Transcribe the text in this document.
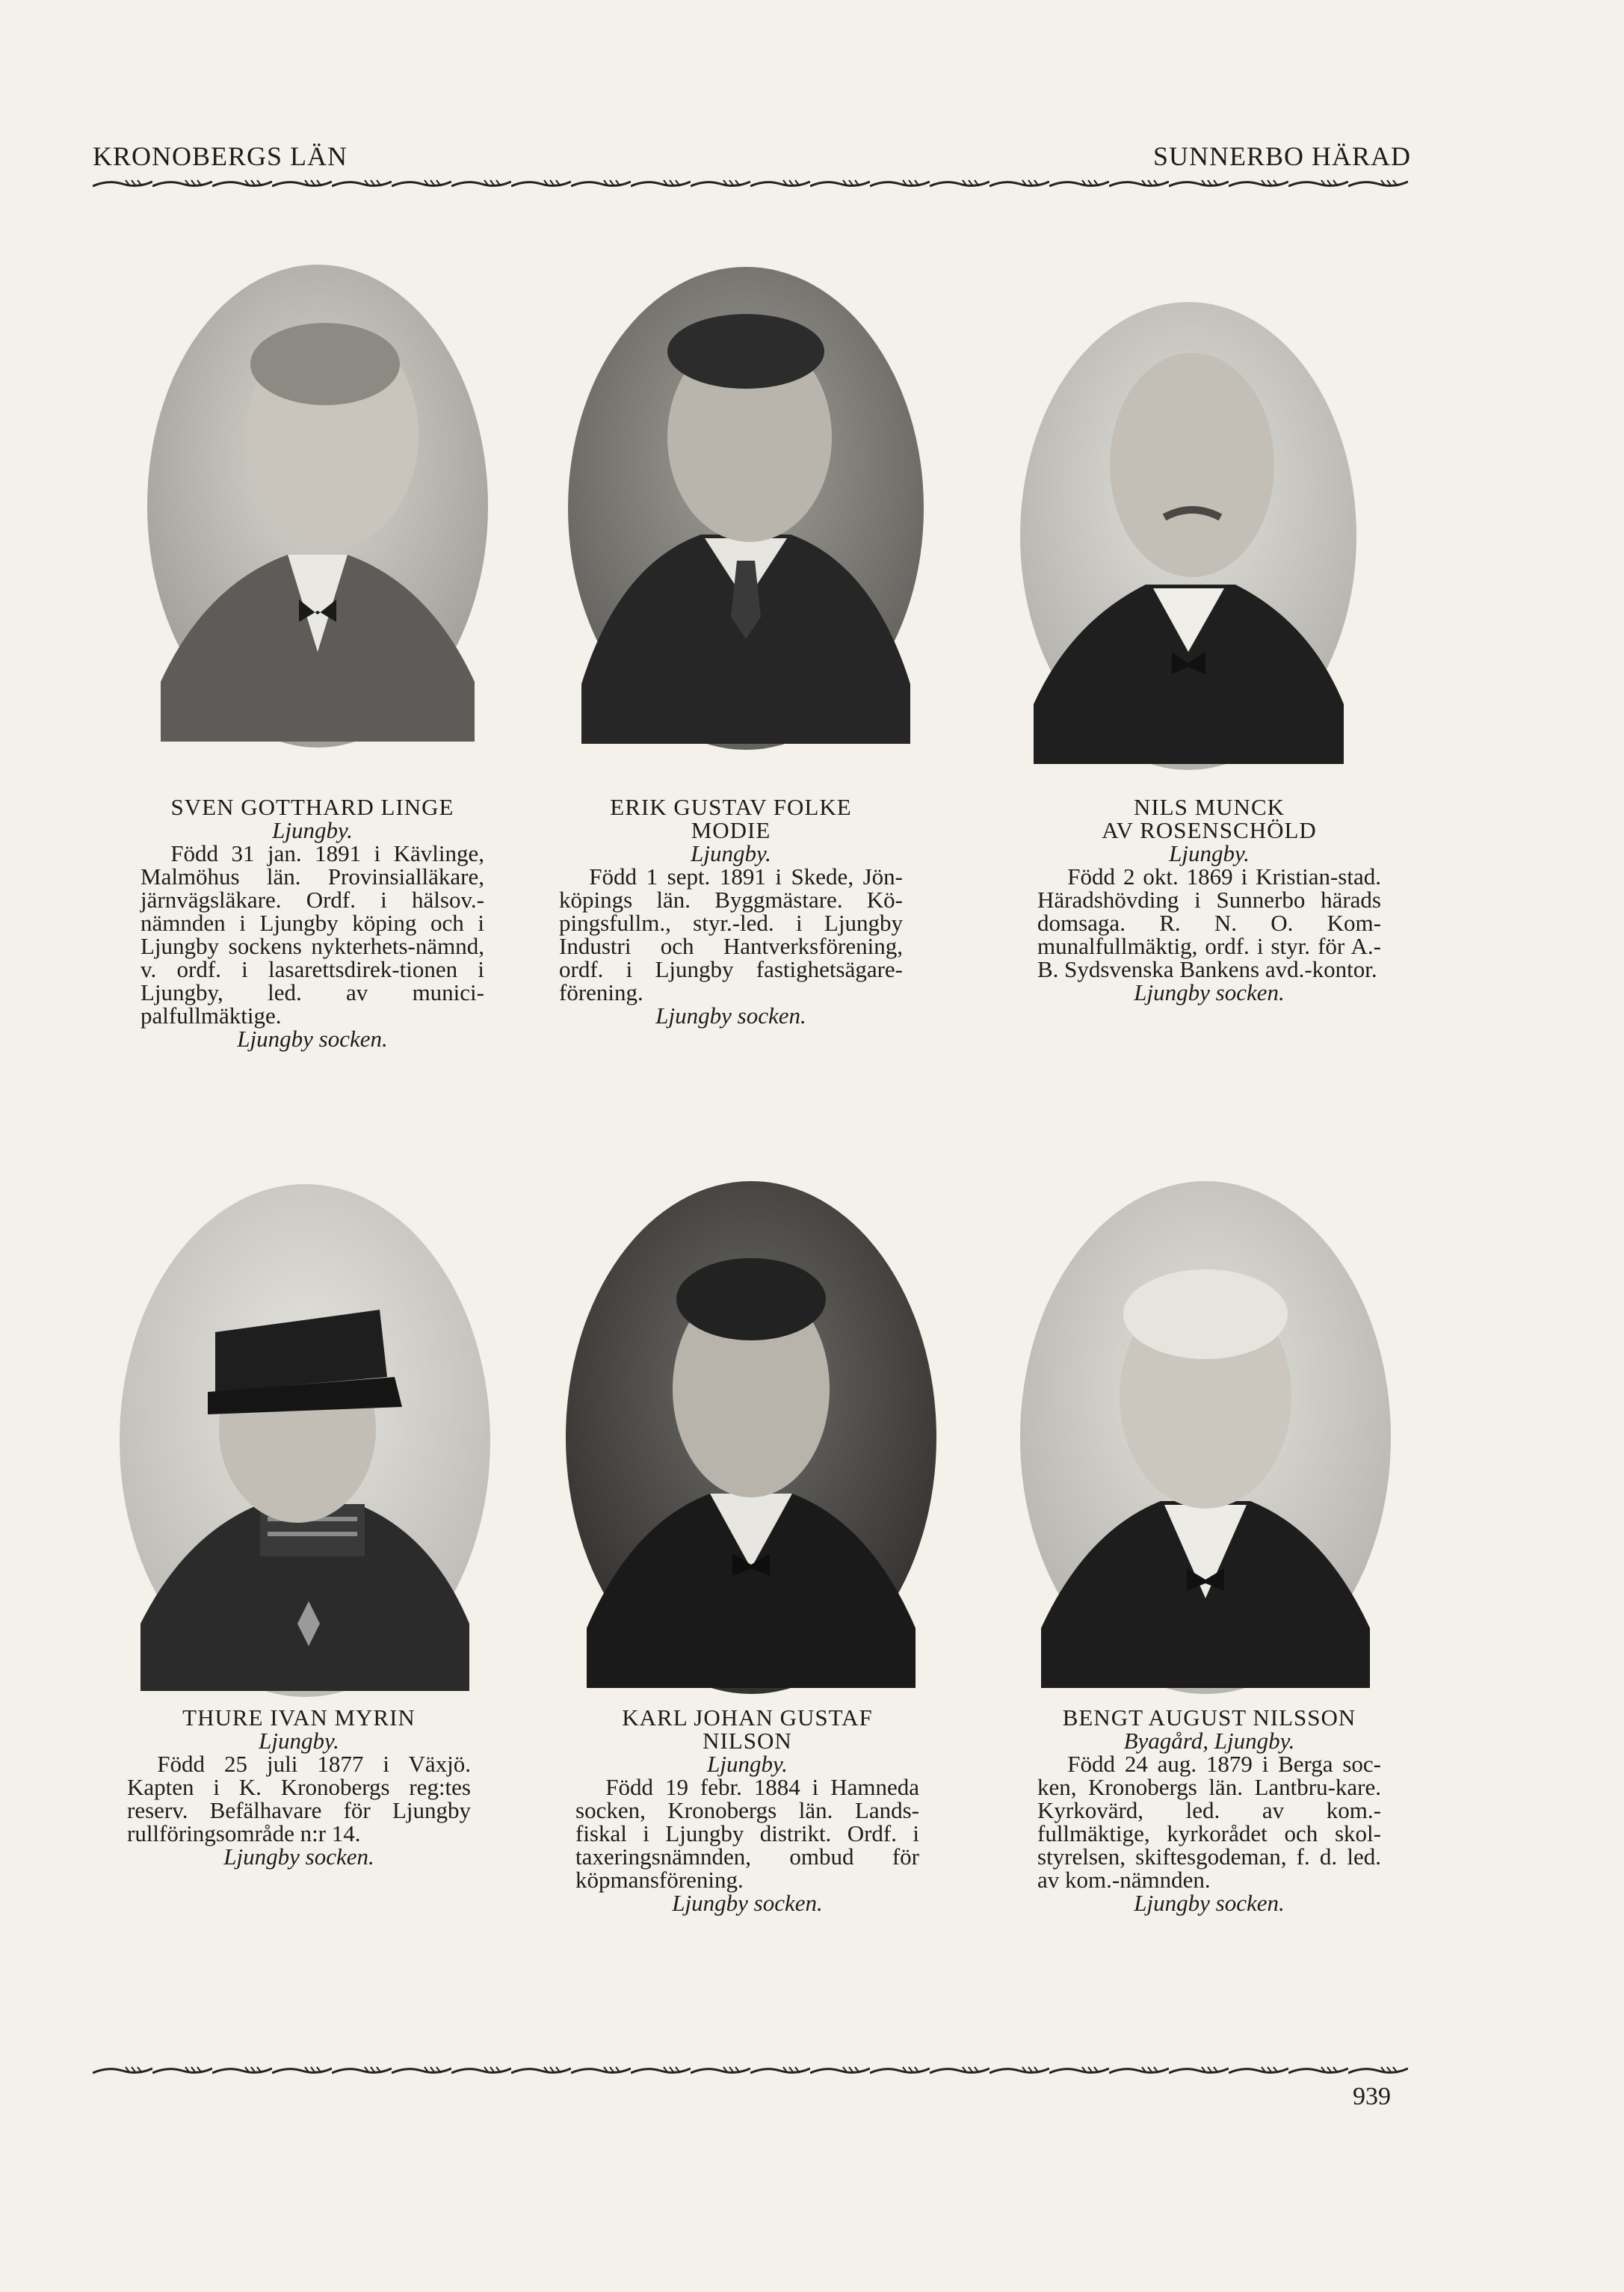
KRONOBERGS LÄN	SUNNERBO HÄRAD
SVEN GOTTHARD LINGE
Ljungby.
Född 31 jan. 1891 i Kävlinge, Malmöhus län. Provinsialläkare, järnvägsläkare. Ordf. i hälsov.-nämnden i Ljungby köping och i Ljungby sockens nykterhets-nämnd, v. ordf. i lasarettsdirek-tionen i Ljungby, led. av munici-palfullmäktige.
Ljungby socken.
ERIK GUSTAV FOLKE
MODIE
Ljungby.
Född 1 sept. 1891 i Skede, Jön-köpings län. Byggmästare. Kö-pingsfullm., styr.-led. i Ljungby Industri och Hantverksförening, ordf. i Ljungby fastighetsägare-förening.
Ljungby socken.
NILS MUNCK
AV ROSENSCHÖLD
Ljungby.
Född 2 okt. 1869 i Kristian-stad. Häradshövding i Sunnerbo härads domsaga. R. N. O. Kom-munalfullmäktig, ordf. i styr. för A.-B. Sydsvenska Bankens avd.-kontor.
Ljungby socken.
THURE IVAN MYRIN
Ljungby.
Född 25 juli 1877 i Växjö. Kapten i K. Kronobergs reg:tes reserv. Befälhavare för Ljungby rullföringsområde n:r 14.
Ljungby socken.
KARL JOHAN GUSTAF
NILSON
Ljungby.
Född 19 febr. 1884 i Hamneda socken, Kronobergs län. Lands-fiskal i Ljungby distrikt. Ordf. i taxeringsnämnden, ombud för köpmansförening.
Ljungby socken.
BENGT AUGUST NILSSON
Byagård, Ljungby.
Född 24 aug. 1879 i Berga soc-ken, Kronobergs län. Lantbru-kare. Kyrkovärd, led. av kom.-fullmäktige, kyrkorådet och skol-styrelsen, skiftesgodeman, f. d. led. av kom.-nämnden.
Ljungby socken.
939
